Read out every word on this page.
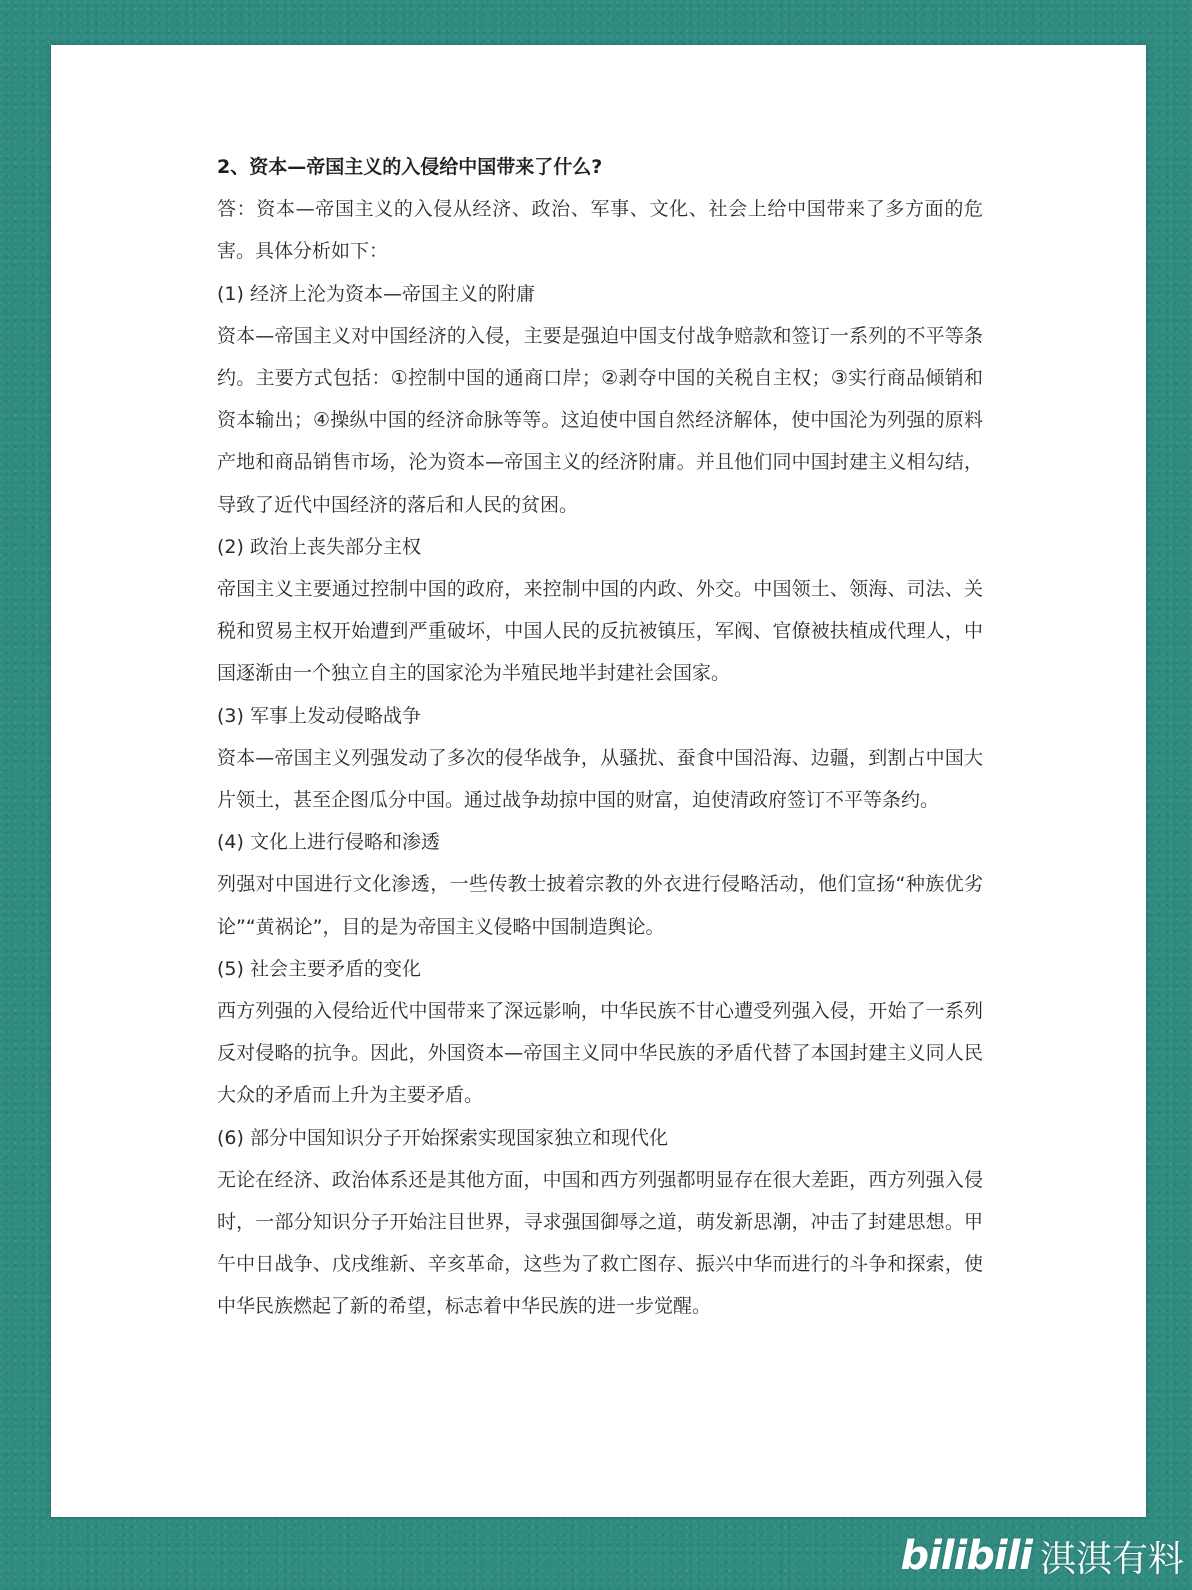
2、资本—帝国主义的入侵给中国带来了什么?

答：资本—帝国主义的入侵从经济、政治、军事、文化、社会上给中国带来了多方面的危害。具体分析如下：

(1) 经济上沦为资本—帝国主义的附庸

资本—帝国主义对中国经济的入侵，主要是强迫中国支付战争赔款和签订一系列的不平等条约。主要方式包括：①控制中国的通商口岸；②剥夺中国的关税自主权；③实行商品倾销和资本输出；④操纵中国的经济命脉等等。这迫使中国自然经济解体，使中国沦为列强的原料产地和商品销售市场，沦为资本—帝国主义的经济附庸。并且他们同中国封建主义相勾结，导致了近代中国经济的落后和人民的贫困。

(2) 政治上丧失部分主权

帝国主义主要通过控制中国的政府，来控制中国的内政、外交。中国领土、领海、司法、关税和贸易主权开始遭到严重破坏，中国人民的反抗被镇压，军阀、官僚被扶植成代理人，中国逐渐由一个独立自主的国家沦为半殖民地半封建社会国家。

(3) 军事上发动侵略战争

资本—帝国主义列强发动了多次的侵华战争，从骚扰、蚕食中国沿海、边疆，到割占中国大片领土，甚至企图瓜分中国。通过战争劫掠中国的财富，迫使清政府签订不平等条约。

(4) 文化上进行侵略和渗透

列强对中国进行文化渗透，一些传教士披着宗教的外衣进行侵略活动，他们宣扬“种族优劣论”“黄祸论”，目的是为帝国主义侵略中国制造舆论。

(5) 社会主要矛盾的变化

西方列强的入侵给近代中国带来了深远影响，中华民族不甘心遭受列强入侵，开始了一系列反对侵略的抗争。因此，外国资本—帝国主义同中华民族的矛盾代替了本国封建主义同人民大众的矛盾而上升为主要矛盾。

(6) 部分中国知识分子开始探索实现国家独立和现代化

无论在经济、政治体系还是其他方面，中国和西方列强都明显存在很大差距，西方列强入侵时，一部分知识分子开始注目世界，寻求强国御辱之道，萌发新思潮，冲击了封建思想。甲午中日战争、戊戌维新、辛亥革命，这些为了救亡图存、振兴中华而进行的斗争和探索，使中华民族燃起了新的希望，标志着中华民族的进一步觉醒。

bilibili 淇淇有料
